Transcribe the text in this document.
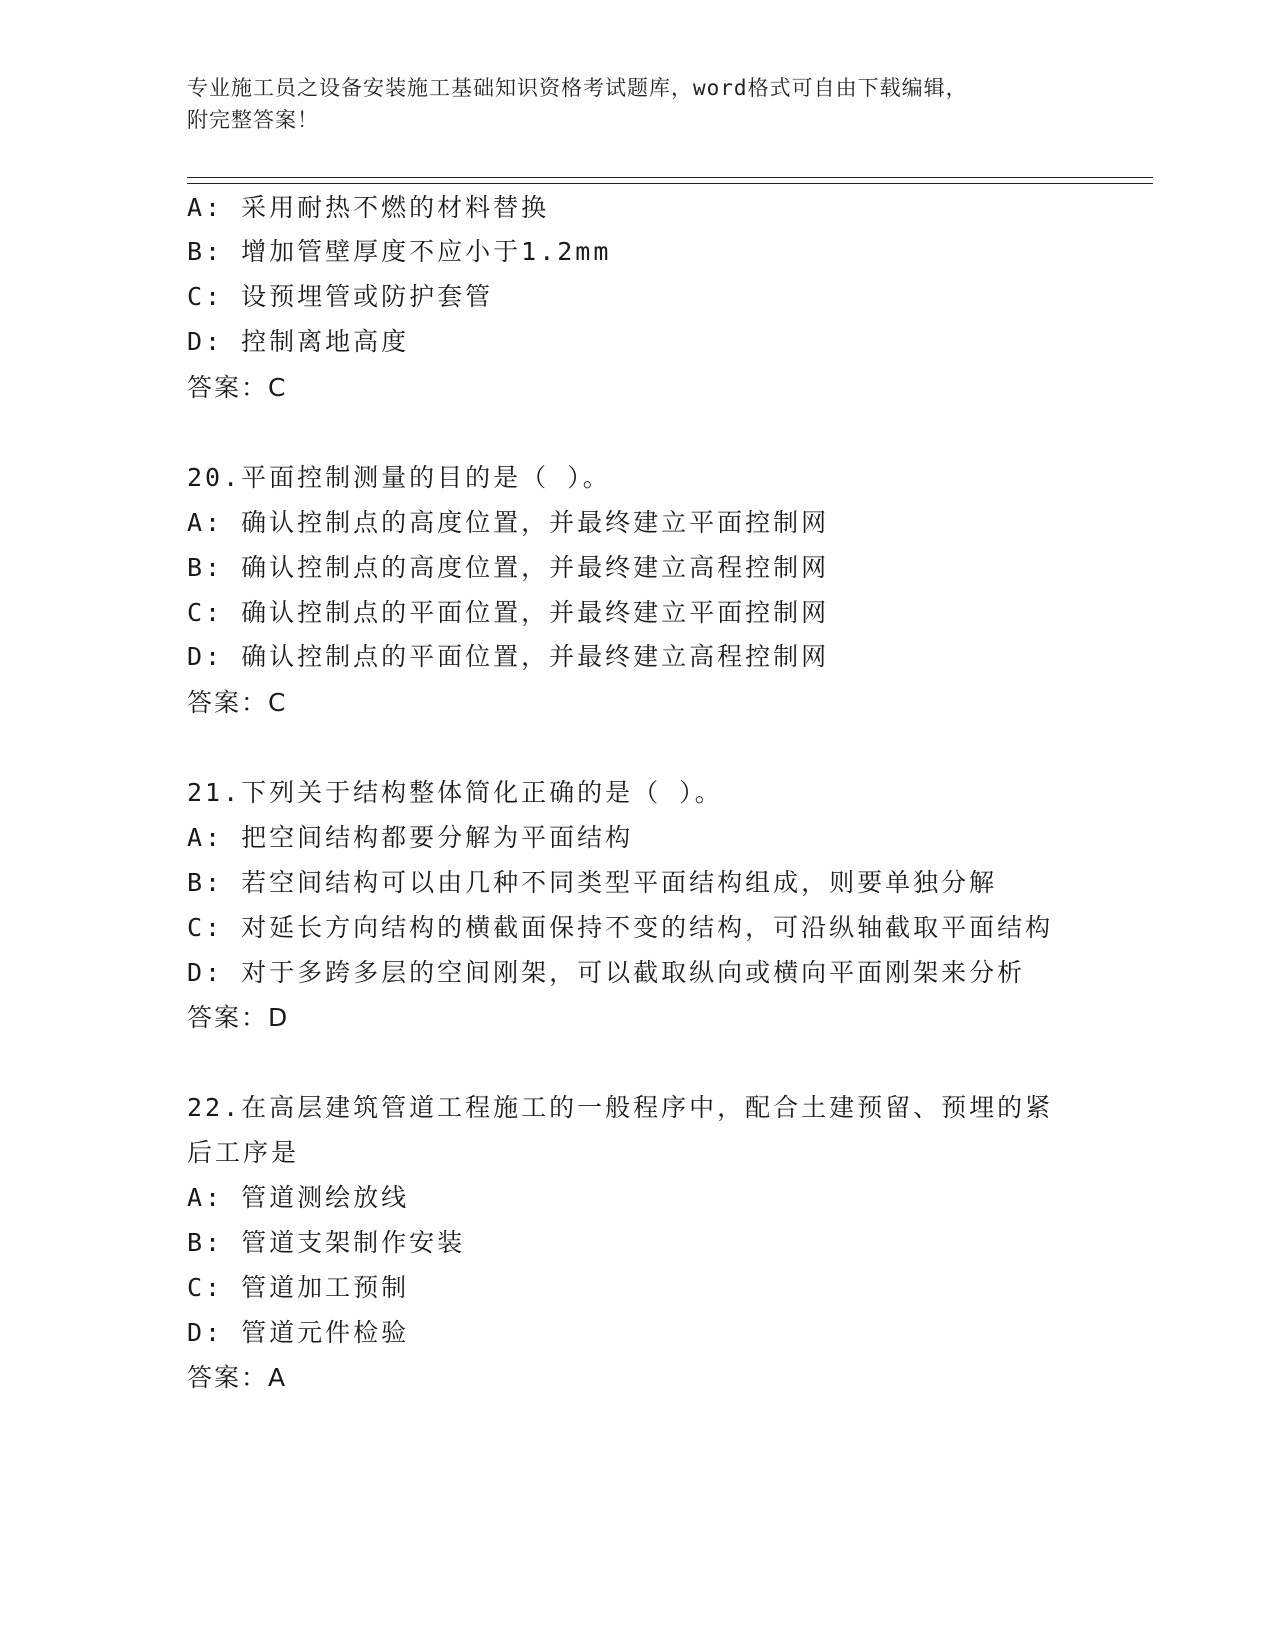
专业施工员之设备安装施工基础知识资格考试题库，word格式可自由下载编辑，
附完整答案！
A: 采用耐热不燃的材料替换
B: 增加管壁厚度不应小于1.2mm
C: 设预埋管或防护套管
D: 控制离地高度
答案：C
20.平面控制测量的目的是（ ）。
A: 确认控制点的高度位置，并最终建立平面控制网
B: 确认控制点的高度位置，并最终建立高程控制网
C: 确认控制点的平面位置，并最终建立平面控制网
D: 确认控制点的平面位置，并最终建立高程控制网
答案：C
21.下列关于结构整体简化正确的是（ ）。
A: 把空间结构都要分解为平面结构
B: 若空间结构可以由几种不同类型平面结构组成，则要单独分解
C: 对延长方向结构的横截面保持不变的结构，可沿纵轴截取平面结构
D: 对于多跨多层的空间刚架，可以截取纵向或横向平面刚架来分析
答案：D
22.在高层建筑管道工程施工的一般程序中，配合土建预留、预埋的紧
后工序是
A: 管道测绘放线
B: 管道支架制作安装
C: 管道加工预制
D: 管道元件检验
答案：A
